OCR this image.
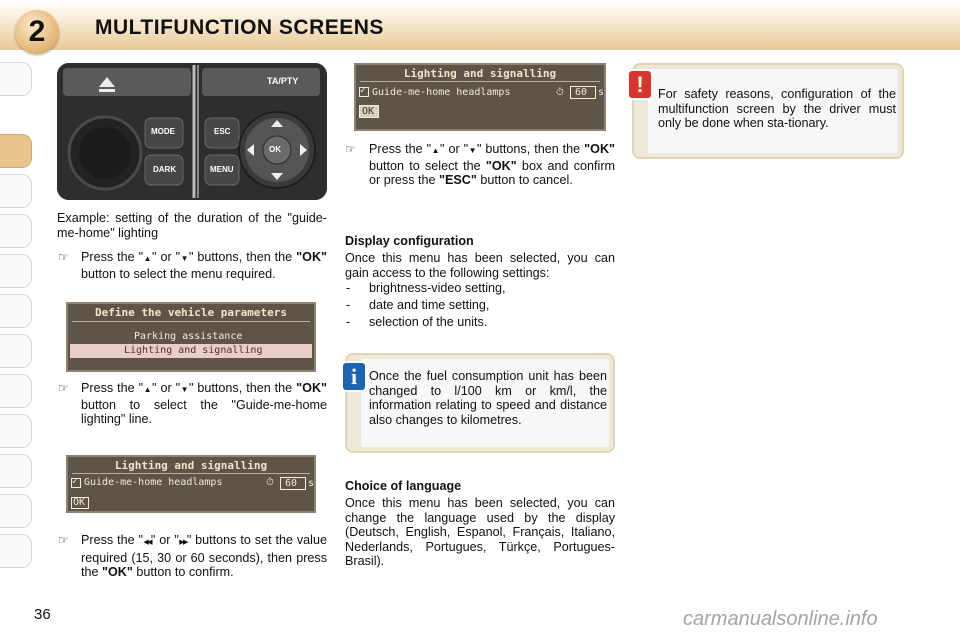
2	MULTIFUNCTION SCREENS
TA/PTY
MODE
DARK
ESC
MENU
OK
Example: setting of the duration of the "guide-me-home" lighting
☞ Press the "▲" or "▼" buttons, then the "OK" button to select the menu required.
Define the vehicle parameters
Parking assistance
Lighting and signalling
☞ Press the "▲" or "▼" buttons, then the "OK" button to select the "Guide-me-home lighting" line.
Lighting and signalling
✓ Guide-me-home headlamps	⏱ 60 s
OK
☞ Press the "◀◀" or "▶▶" buttons to set the value required (15, 30 or 60 seconds), then press the "OK" button to confirm.
Lighting and signalling
✓ Guide-me-home headlamps	⏱ 60 s
OK
☞ Press the "▲" or "▼" buttons, then the "OK" button to select the "OK" box and confirm or press the "ESC" button to cancel.
Display configuration
Once this menu has been selected, you can gain access to the following settings:
- brightness-video setting,
- date and time setting,
- selection of the units.
Once the fuel consumption unit has been changed to l/100 km or km/l, the information relating to speed and distance also changes to kilometres.
i
Choice of language
Once this menu has been selected, you can change the language used by the display (Deutsch, English, Espanol, Français, Italiano, Nederlands, Portugues, Türkçe, Portugues-Brasil).
For safety reasons, configuration of the multifunction screen by the driver must only be done when sta-tionary.
!
36	carmanualsonline.info
